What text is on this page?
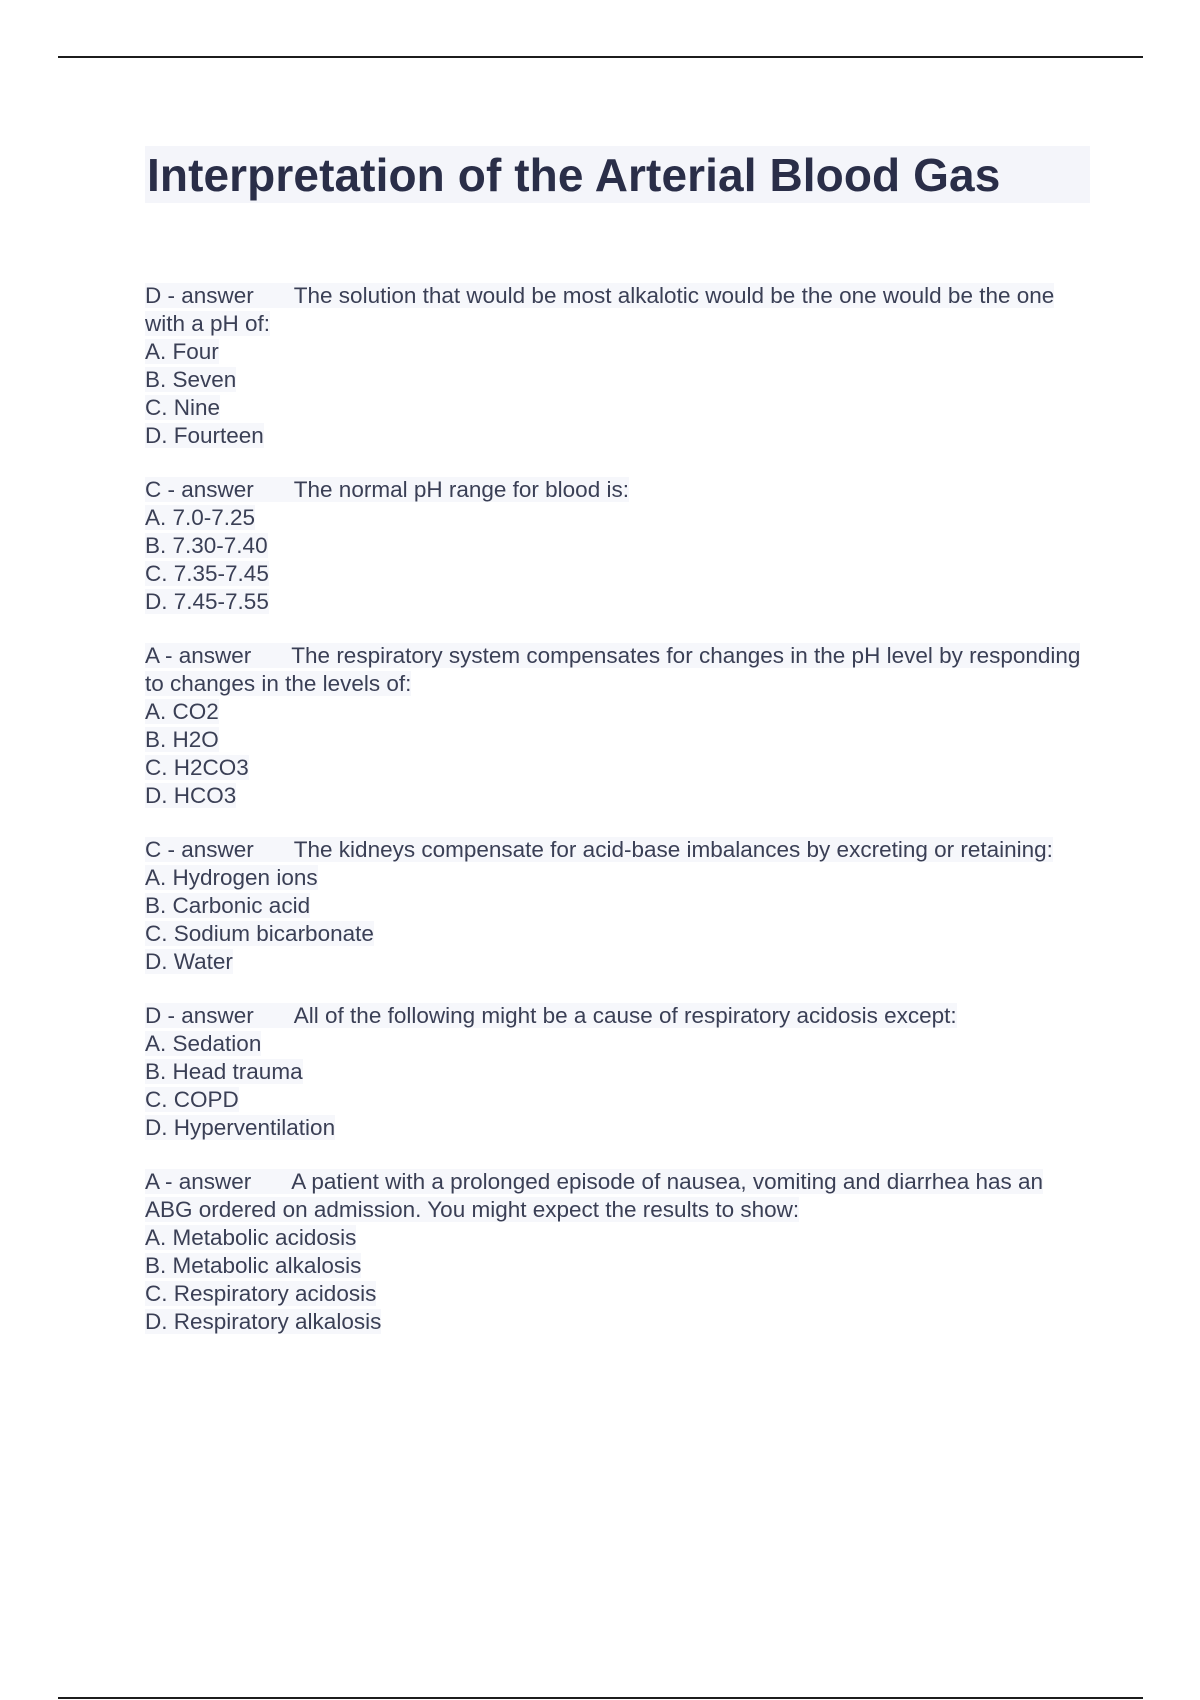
Interpretation of the Arterial Blood Gas
D - answer The solution that would be most alkalotic would be the one would be the one with a pH of:
A. Four
B. Seven
C. Nine
D. Fourteen
C - answer The normal pH range for blood is:
A. 7.0-7.25
B. 7.30-7.40
C. 7.35-7.45
D. 7.45-7.55
A - answer The respiratory system compensates for changes in the pH level by responding to changes in the levels of:
A. CO2
B. H2O
C. H2CO3
D. HCO3
C - answer The kidneys compensate for acid-base imbalances by excreting or retaining:
A. Hydrogen ions
B. Carbonic acid
C. Sodium bicarbonate
D. Water
D - answer All of the following might be a cause of respiratory acidosis except:
A. Sedation
B. Head trauma
C. COPD
D. Hyperventilation
A - answer A patient with a prolonged episode of nausea, vomiting and diarrhea has an ABG ordered on admission. You might expect the results to show:
A. Metabolic acidosis
B. Metabolic alkalosis
C. Respiratory acidosis
D. Respiratory alkalosis
